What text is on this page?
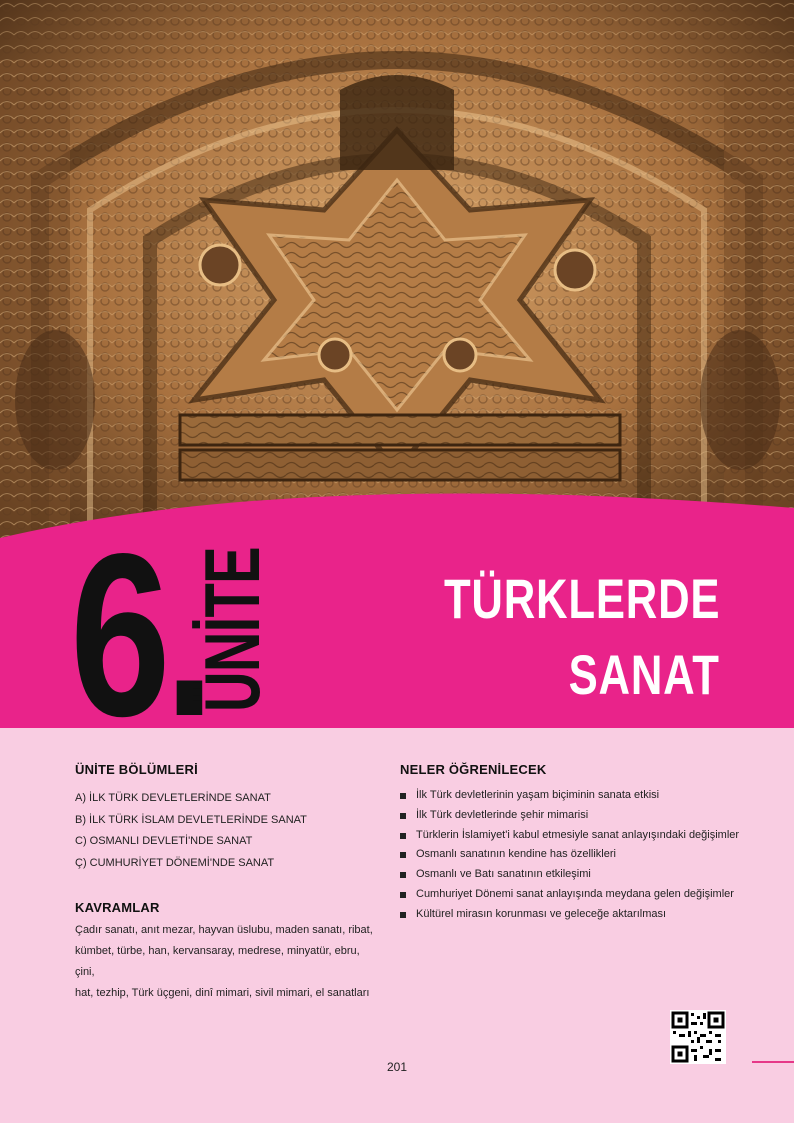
6.
ÜNİTE	TÜRKLERDE
SANAT
ÜNİTE BÖLÜMLERİ
A) İLK TÜRK DEVLETLERİNDE SANAT
B) İLK TÜRK İSLAM DEVLETLERİNDE SANAT
C) OSMANLI DEVLETİ'NDE SANAT
Ç) CUMHURİYET DÖNEMİ'NDE SANAT
KAVRAMLAR
Çadır sanatı, anıt mezar, hayvan üslubu, maden sanatı, ribat,
kümbet, türbe, han, kervansaray, medrese, minyatür, ebru, çini,
hat, tezhip, Türk üçgeni, dinî mimari, sivil mimari, el sanatları
NELER ÖĞRENİLECEK
İlk Türk devletlerinin yaşam biçiminin sanata etkisi
İlk Türk devletlerinde şehir mimarisi
Türklerin İslamiyet'i kabul etmesiyle sanat anlayışındaki değişimler
Osmanlı sanatının kendine has özellikleri
Osmanlı ve Batı sanatının etkileşimi
Cumhuriyet Dönemi sanat anlayışında meydana gelen değişimler
Kültürel mirasın korunması ve geleceğe aktarılması
201
